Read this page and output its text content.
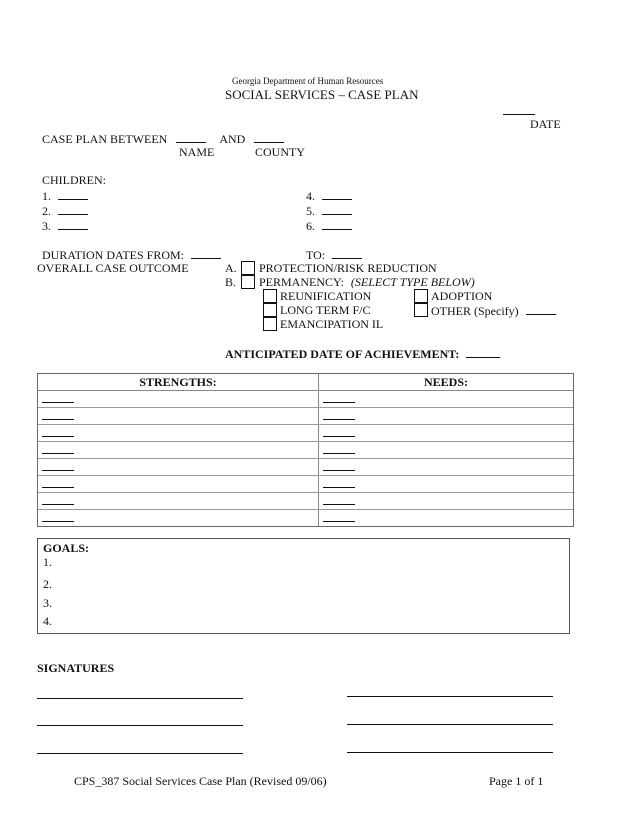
Georgia Department of Human Resources
SOCIAL SERVICES – CASE PLAN
DATE
CASE PLAN BETWEEN	AND
NAME	COUNTY
CHILDREN:
1.
2.
3.
4.
5.
6.
DURATION DATES FROM:	TO:
OVERALL CASE OUTCOME	A. PROTECTION/RISK REDUCTION
B. PERMANENCY: (SELECT TYPE BELOW)
REUNIFICATION	ADOPTION
LONG TERM F/C	OTHER (Specify)
EMANCIPATION IL
ANTICIPATED DATE OF ACHIEVEMENT:
STRENGTHS:	NEEDS:
GOALS:
1.
2.
3.
4.
SIGNATURES
CPS_387 Social Services Case Plan (Revised 09/06)	Page 1 of 1
